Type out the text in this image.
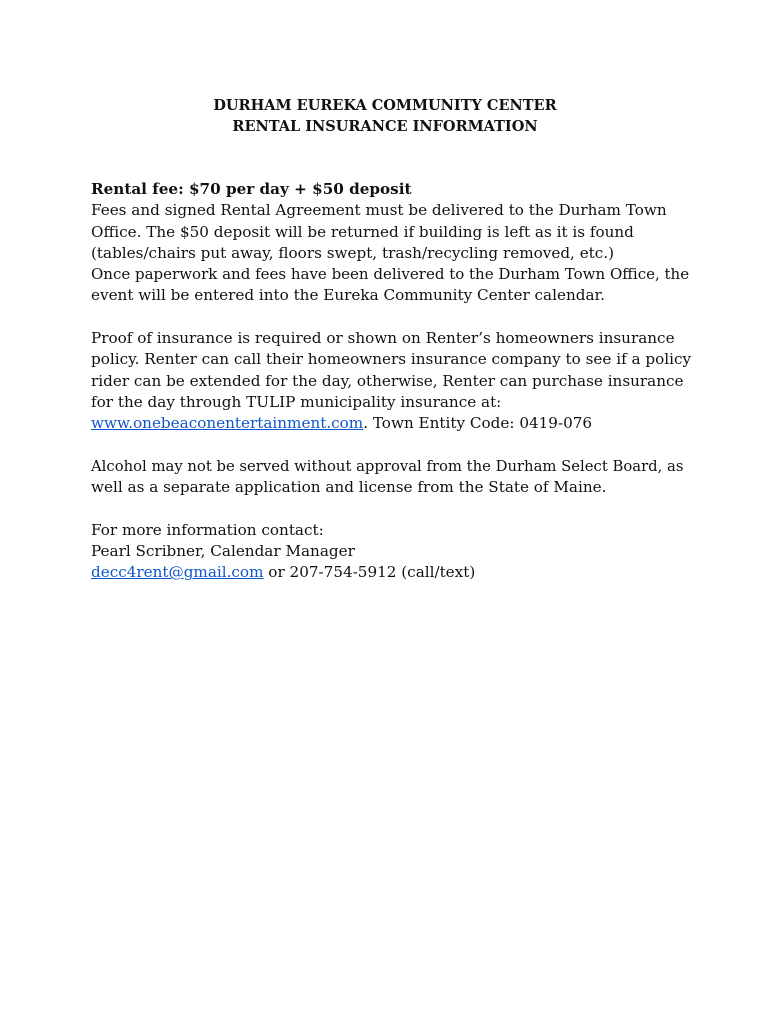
DURHAM EUREKA COMMUNITY CENTER
RENTAL INSURANCE INFORMATION
Rental fee: $70 per day + $50 deposit
Fees and signed Rental Agreement must be delivered to the Durham Town
Office. The $50 deposit will be returned if building is left as it is found
(tables/chairs put away, floors swept, trash/recycling removed, etc.)
Once paperwork and fees have been delivered to the Durham Town Office, the
event will be entered into the Eureka Community Center calendar.
Proof of insurance is required or shown on Renter’s homeowners insurance
policy. Renter can call their homeowners insurance company to see if a policy
rider can be extended for the day, otherwise, Renter can purchase insurance
for the day through TULIP municipality insurance at:
www.onebeaconentertainment.com. Town Entity Code: 0419-076
Alcohol may not be served without approval from the Durham Select Board, as
well as a separate application and license from the State of Maine.
For more information contact:
Pearl Scribner, Calendar Manager
decc4rent@gmail.com or 207-754-5912 (call/text)
